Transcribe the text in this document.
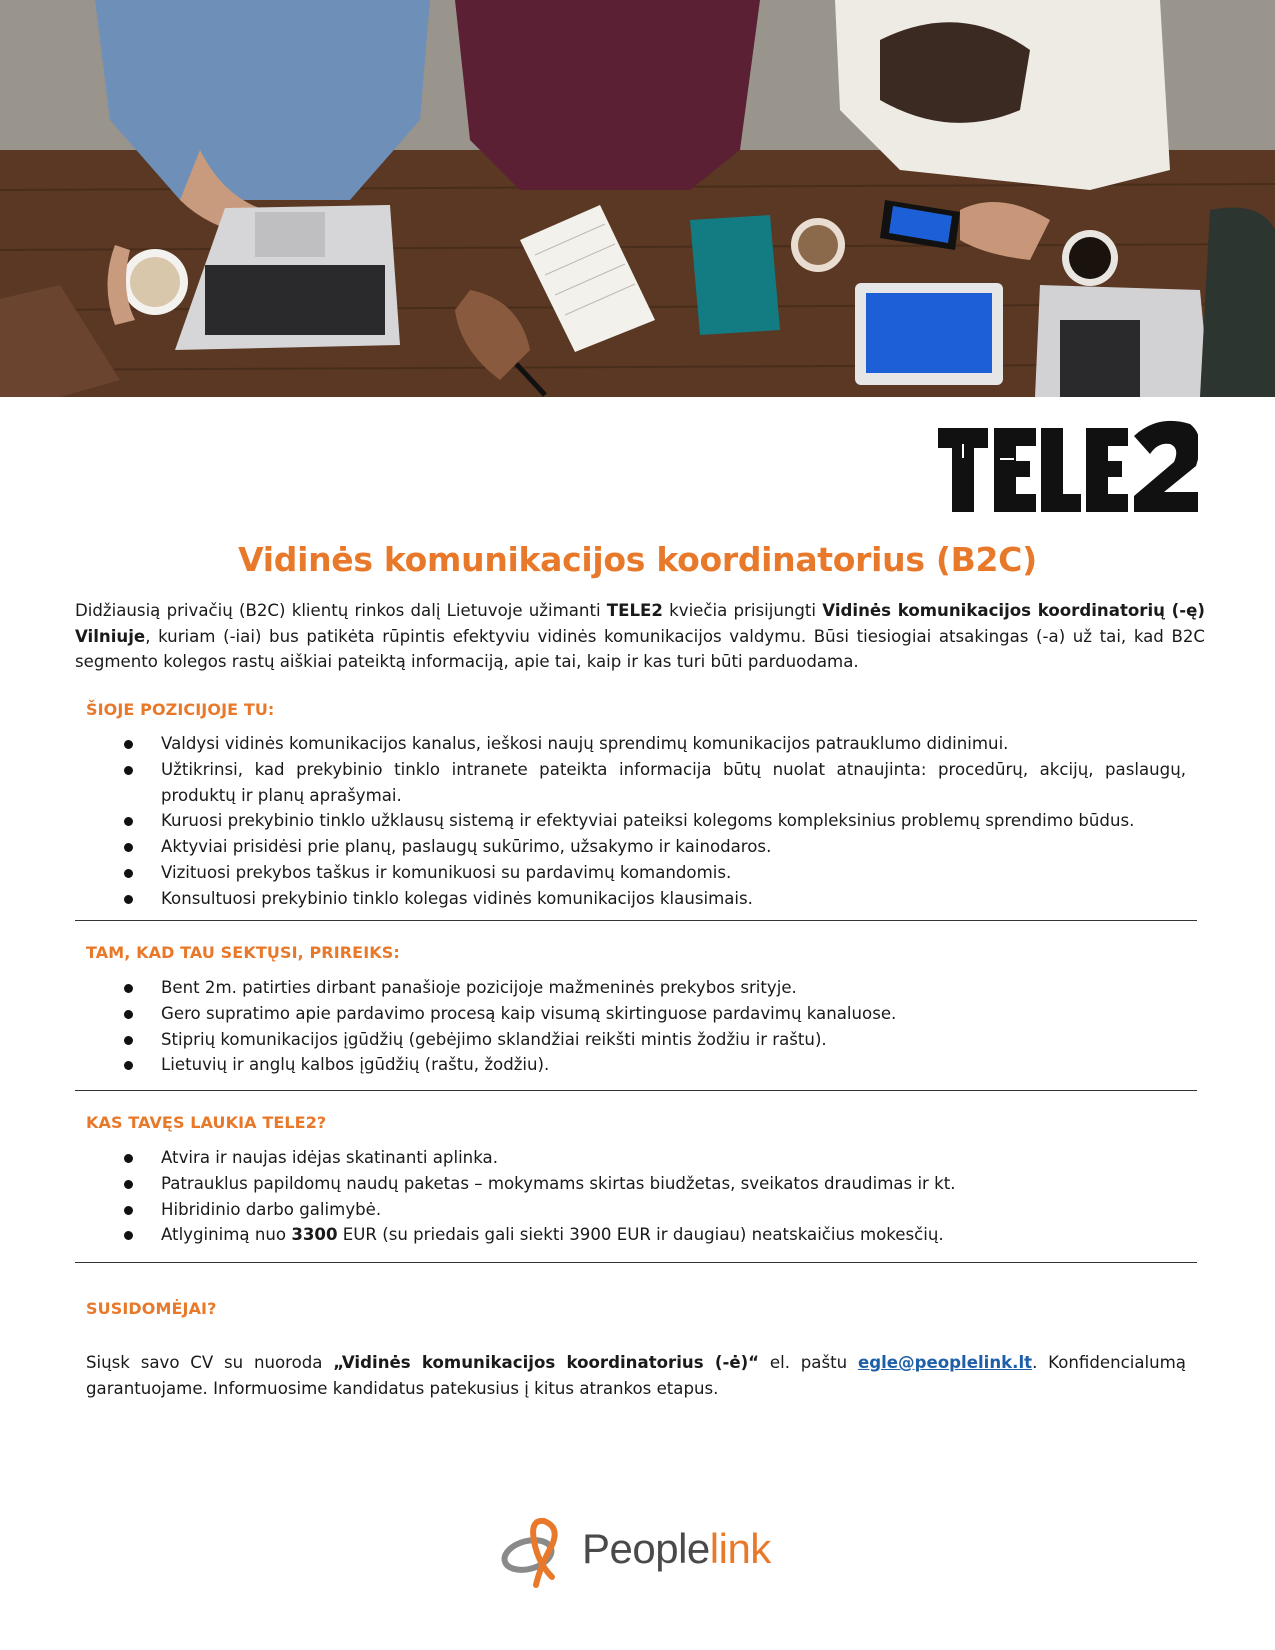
Vidinės komunikacijos koordinatorius (B2C)
Didžiausią privačių (B2C) klientų rinkos dalį Lietuvoje užimanti TELE2 kviečia prisijungti Vidinės komunikacijos koordinatorių (-ę) Vilniuje, kuriam (-iai) bus patikėta rūpintis efektyviu vidinės komunikacijos valdymu. Būsi tiesiogiai atsakingas (-a) už tai, kad B2C segmento kolegos rastų aiškiai pateiktą informaciją, apie tai, kaip ir kas turi būti parduodama.
ŠIOJE POZICIJOJE TU:
Valdysi vidinės komunikacijos kanalus, ieškosi naujų sprendimų komunikacijos patrauklumo didinimui.
Užtikrinsi, kad prekybinio tinklo intranete pateikta informacija būtų nuolat atnaujinta: procedūrų, akcijų, paslaugų, produktų ir planų aprašymai.
Kuruosi prekybinio tinklo užklausų sistemą ir efektyviai pateiksi kolegoms kompleksinius problemų sprendimo būdus.
Aktyviai prisidėsi prie planų, paslaugų sukūrimo, užsakymo ir kainodaros.
Vizituosi prekybos taškus ir komunikuosi su pardavimų komandomis.
Konsultuosi prekybinio tinklo kolegas vidinės komunikacijos klausimais.
TAM, KAD TAU SEKTŲSI, PRIREIKS:
Bent 2m. patirties dirbant panašioje pozicijoje mažmeninės prekybos srityje.
Gero supratimo apie pardavimo procesą kaip visumą skirtinguose pardavimų kanaluose.
Stiprių komunikacijos įgūdžių (gebėjimo sklandžiai reikšti mintis žodžiu ir raštu).
Lietuvių ir anglų kalbos įgūdžių (raštu, žodžiu).
KAS TAVĘS LAUKIA TELE2?
Atvira ir naujas idėjas skatinanti aplinka.
Patrauklus papildomų naudų paketas – mokymams skirtas biudžetas, sveikatos draudimas ir kt.
Hibridinio darbo galimybė.
Atlyginimą nuo 3300 EUR (su priedais gali siekti 3900 EUR ir daugiau) neatskaičius mokesčių.
SUSIDOMĖJAI?
Siųsk savo CV su nuoroda „Vidinės komunikacijos koordinatorius (-ė)“ el. paštu egle@peoplelink.lt. Konfidencialumą garantuojame. Informuosime kandidatus patekusius į kitus atrankos etapus.
Peoplelink
